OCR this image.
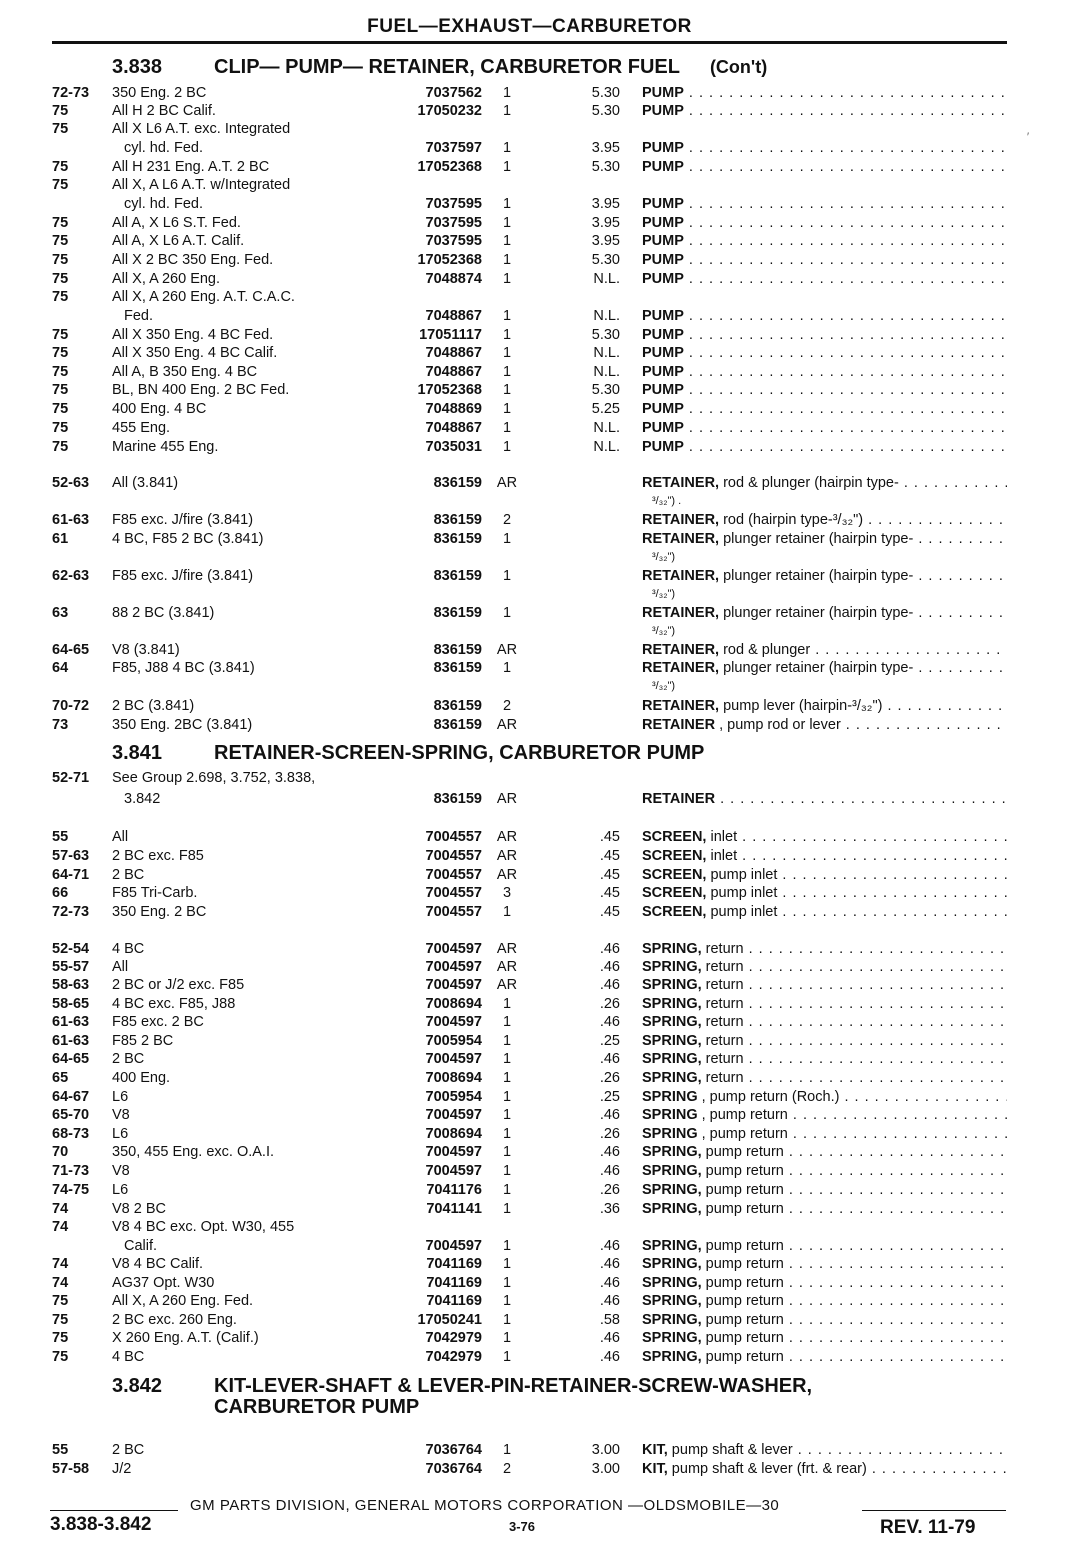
FUEL—EXHAUST—CARBURETOR
3.838	CLIP— PUMP— RETAINER, CARBURETOR FUEL (Con't)
3.841	RETAINER-SCREEN-SPRING, CARBURETOR PUMP
3.842	KIT-LEVER-SHAFT & LEVER-PIN-RETAINER-SCREW-WASHER,
CARBURETOR PUMP
72-73	350 Eng. 2 BC	7037562	1	5.30 PUMP . . .
75	All H 2 BC Calif.	17050232	1	5.30 PUMP . . .
75	All X L6 A.T. exc. Integrated
cyl. hd. Fed.	7037597	1	3.95 PUMP . . .
75	All H 231 Eng. A.T. 2 BC	17052368	1	5.30 PUMP . . .
75	All X, A L6 A.T. w/Integrated
cyl. hd. Fed.	7037595	1	3.95 PUMP . . .
75	All A, X L6 S.T. Fed.	7037595	1	3.95 PUMP . . .
75	All A, X L6 A.T. Calif.	7037595	1	3.95 PUMP . . .
75	All X 2 BC 350 Eng. Fed.	17052368	1	5.30 PUMP . . .
75	All X, A 260 Eng.	7048874	1	N.L. PUMP . . .
75	All X, A 260 Eng. A.T. C.A.C.
Fed.	7048867	1	N.L. PUMP . . .
75	All X 350 Eng. 4 BC Fed.	17051117	1	5.30 PUMP . . .
75	All X 350 Eng. 4 BC Calif.	7048867	1	N.L. PUMP . . .
75	All A, B 350 Eng. 4 BC	7048867	1	N.L. PUMP . . .
75	BL, BN 400 Eng. 2 BC Fed.	17052368	1	5.30 PUMP . . .
75	400 Eng. 4 BC	7048869	1	5.25 PUMP . . .
75	455 Eng.	7048867	1	N.L. PUMP . . .
75	Marine 455 Eng.	7035031	1	N.L. PUMP . . .
52-63	All (3.841)	836159	AR	RETAINER, rod & plunger (hairpin type- . . .
³/₃₂") .
61-63	F85 exc. J/fire (3.841)	836159	2	RETAINER, rod (hairpin type-³/₃₂") . . .
61	4 BC, F85 2 BC (3.841)	836159	1	RETAINER, plunger retainer (hairpin type- . . .
³/₃₂")
62-63	F85 exc. J/fire (3.841)	836159	1	RETAINER, plunger retainer (hairpin type- . . .
³/₃₂")
63	88 2 BC (3.841)	836159	1	RETAINER, plunger retainer (hairpin type- . . .
³/₃₂")
64-65	V8 (3.841)	836159	AR	RETAINER, rod & plunger . . .
64	F85, J88 4 BC (3.841)	836159	1	RETAINER, plunger retainer (hairpin type- . . .
³/₃₂")
70-72	2 BC (3.841)	836159	2	RETAINER, pump lever (hairpin-³/₃₂") . . .
73	350 Eng. 2BC (3.841)	836159	AR	RETAINER , pump rod or lever . . .
52-71	See Group 2.698, 3.752, 3.838,
3.842	836159	AR	RETAINER . . .
55	All	7004557	AR	.45 SCREEN, inlet . . .
57-63	2 BC exc. F85	7004557	AR	.45 SCREEN, inlet . . .
64-71	2 BC	7004557	AR	.45 SCREEN, pump inlet . . .
66	F85 Tri-Carb.	7004557	3	.45 SCREEN, pump inlet . . .
72-73	350 Eng. 2 BC	7004557	1	.45 SCREEN, pump inlet . . .
52-54	4 BC	7004597	AR	.46 SPRING, return . . .
55-57	All	7004597	AR	.46 SPRING, return . . .
58-63	2 BC or J/2 exc. F85	7004597	AR	.46 SPRING, return . . .
58-65	4 BC exc. F85, J88	7008694	1	.26 SPRING, return . . .
61-63	F85 exc. 2 BC	7004597	1	.46 SPRING, return . . .
61-63	F85 2 BC	7005954	1	.25 SPRING, return . . .
64-65	2 BC	7004597	1	.46 SPRING, return . . .
65	400 Eng.	7008694	1	.26 SPRING, return . . .
64-67	L6	7005954	1	.25 SPRING , pump return (Roch.) . . .
65-70	V8	7004597	1	.46 SPRING , pump return . . .
68-73	L6	7008694	1	.26 SPRING , pump return . . .
70	350, 455 Eng. exc. O.A.I.	7004597	1	.46 SPRING, pump return . . .
71-73	V8	7004597	1	.46 SPRING, pump return . . .
74-75	L6	7041176	1	.26 SPRING, pump return . . .
74	V8 2 BC	7041141	1	.36 SPRING, pump return . . .
74	V8 4 BC exc. Opt. W30, 455
Calif.	7004597	1	.46 SPRING, pump return . . .
74	V8 4 BC Calif.	7041169	1	.46 SPRING, pump return . . .
74	AG37 Opt. W30	7041169	1	.46 SPRING, pump return . . .
75	All X, A 260 Eng. Fed.	7041169	1	.46 SPRING, pump return . . .
75	2 BC exc. 260 Eng.	17050241	1	.58 SPRING, pump return . . .
75	X 260 Eng. A.T. (Calif.)	7042979	1	.46 SPRING, pump return . . .
75	4 BC	7042979	1	.46 SPRING, pump return . . .
55	2 BC	7036764	1	3.00 KIT, pump shaft & lever . . .
57-58	J/2	7036764	2	3.00 KIT, pump shaft & lever (frt. & rear) . . .
′
GM PARTS DIVISION, GENERAL MOTORS CORPORATION —OLDSMOBILE—30
3.838-3.842	3-76	REV. 11-79
